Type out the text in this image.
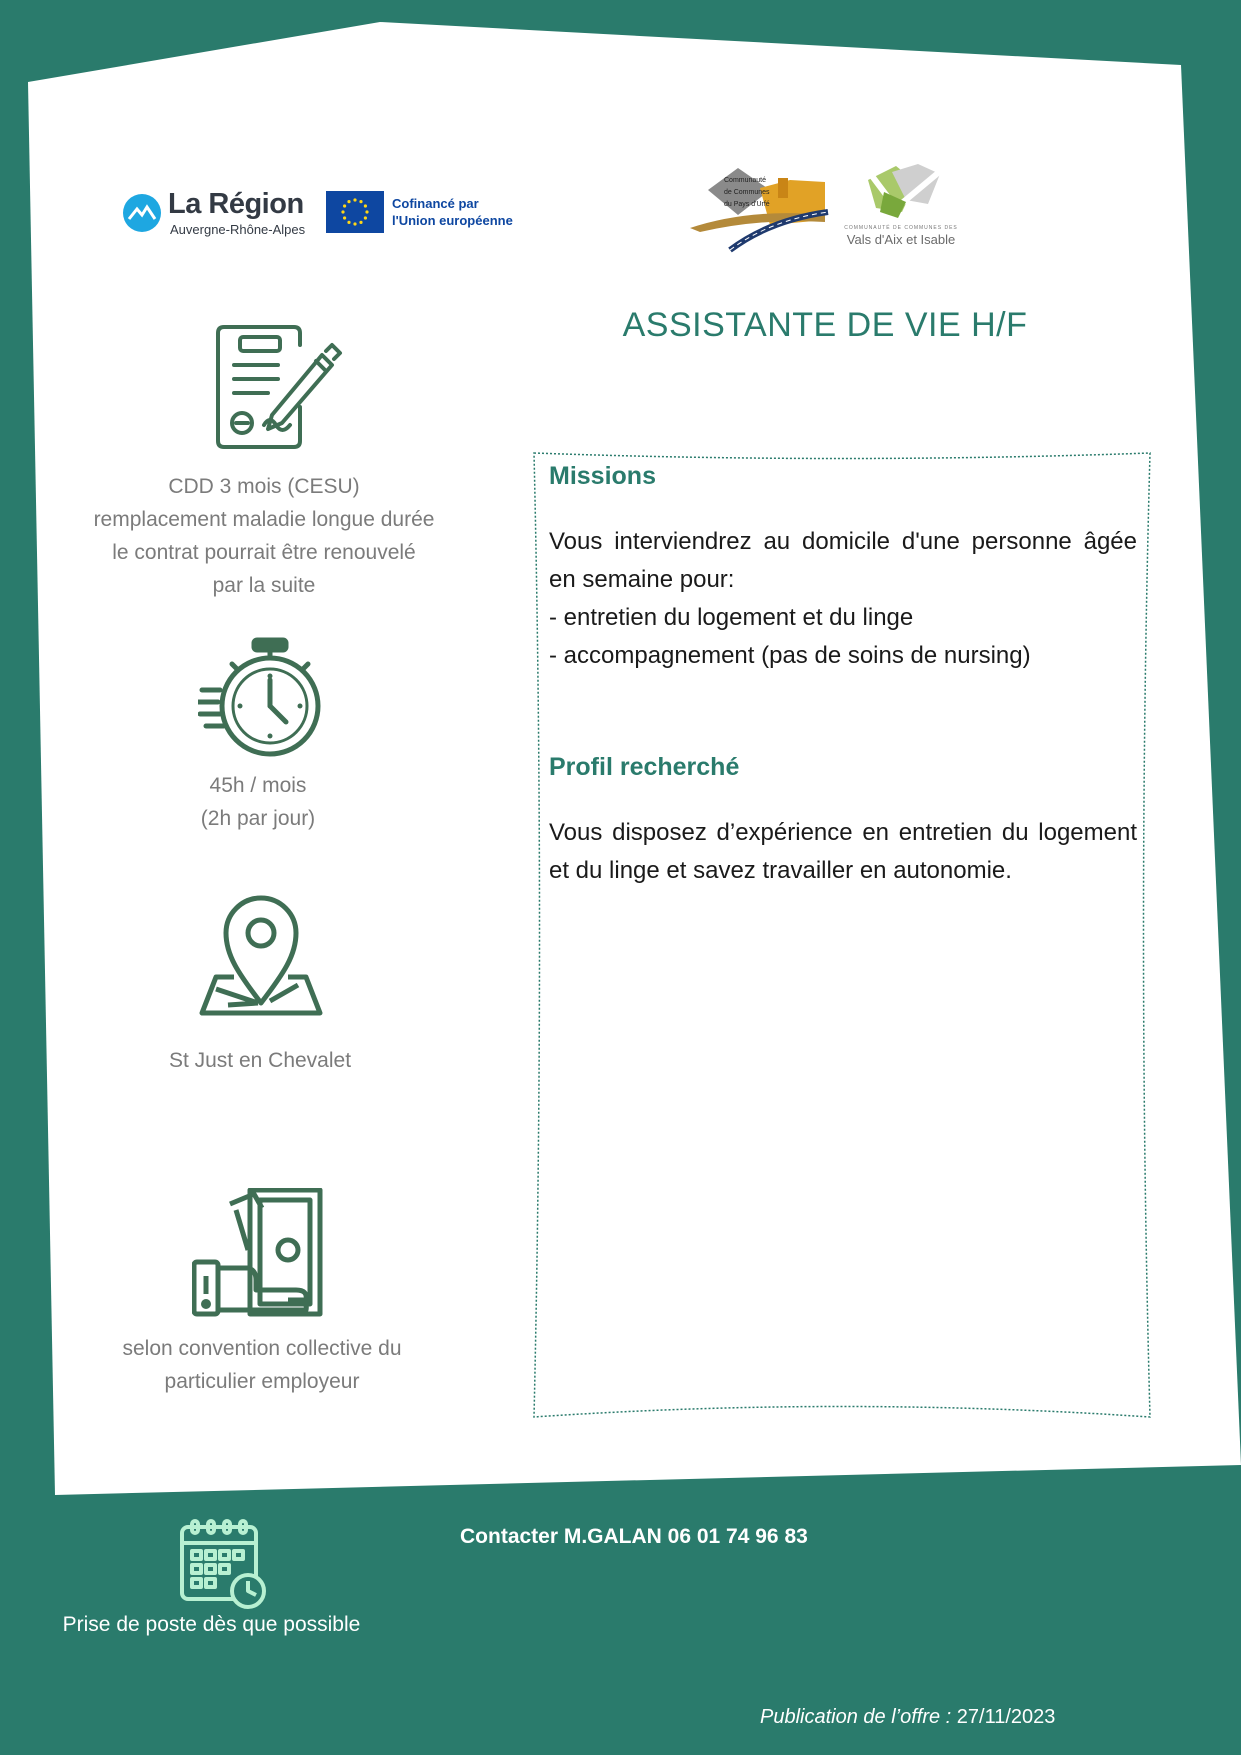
La Région
Auvergne-Rhône-Alpes
Cofinancé par
l'Union européenne
Communauté
de Communes
du Pays d'Urfé
COMMUNAUTÉ DE COMMUNES DES
Vals d'Aix et Isable
ASSISTANTE DE VIE H/F
CDD 3 mois (CESU)
remplacement maladie longue durée
le contrat pourrait être renouvelé
par la suite
45h / mois
(2h par jour)
St Just en Chevalet
selon convention collective du
particulier employeur
Missions

Vous interviendrez au domicile d'une personne âgée en semaine pour:

- entretien du logement et du linge

- accompagnement (pas de soins de nursing)

Profil recherché

Vous disposez d’expérience en entretien du logement et du linge et savez travailler en autonomie.

Contacter M.GALAN 06 01 74 96 83
Prise de poste dès que possible
Publication de l’offre : 27/11/2023
